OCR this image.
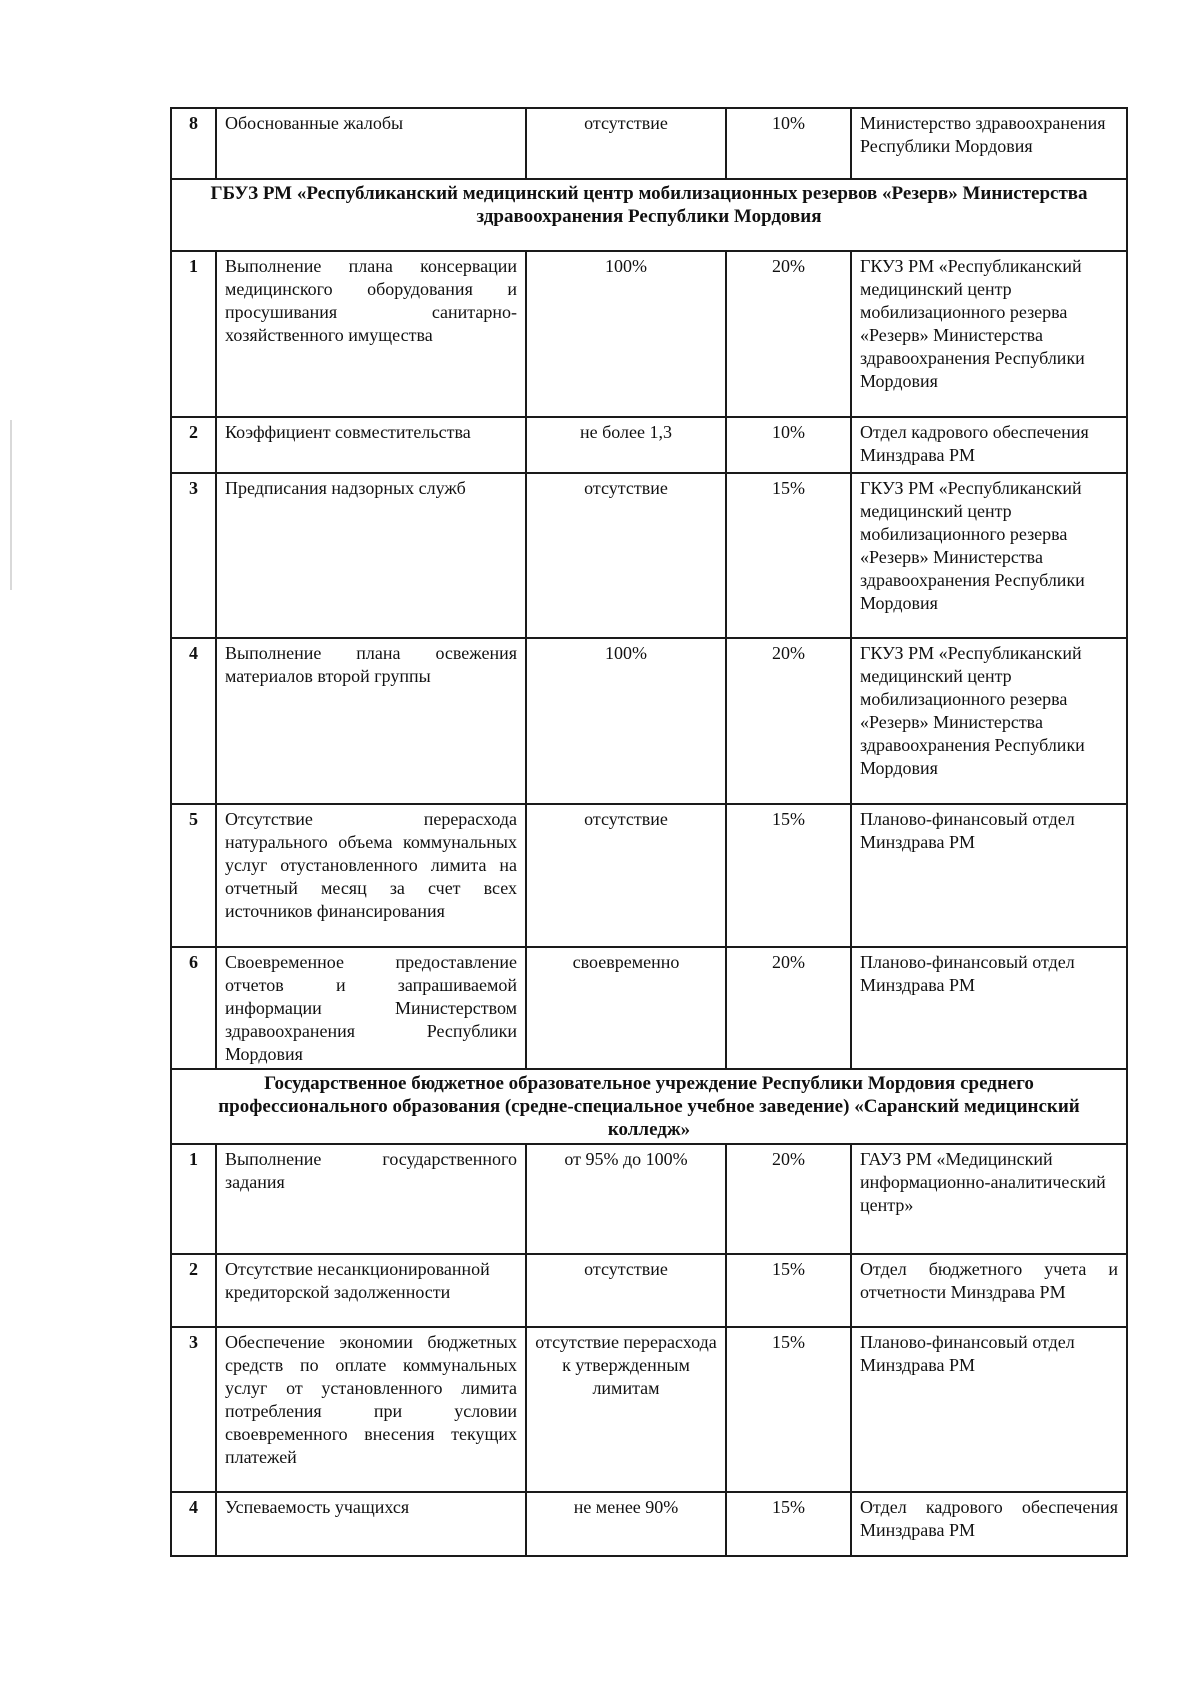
8	Обоснованные жалобы	отсутствие	10%	Министерство здравоохранения Республики Мордовия
ГБУЗ РМ «Республиканский медицинский центр мобилизационных резервов «Резерв» Министерства здравоохранения Республики Мордовия				
1	Выполнение плана консервации медицинского оборудования и просушивания санитарно-хозяйственного имущества	100%	20%	ГКУЗ РМ «Республиканский медицинский центр мобилизационного резерва «Резерв» Министерства здравоохранения Республики Мордовия
2	Коэффициент совместительства	не более 1,3	10%	Отдел кадрового обеспечения Минздрава РМ
3	Предписания надзорных служб	отсутствие	15%	ГКУЗ РМ «Республиканский медицинский центр мобилизационного резерва «Резерв» Министерства здравоохранения Республики Мордовия
4	Выполнение плана освежения материалов второй группы	100%	20%	ГКУЗ РМ «Республиканский медицинский центр мобилизационного резерва «Резерв» Министерства здравоохранения Республики Мордовия
5	Отсутствие перерасхода натурального объема коммунальных услуг отустановленного лимита на отчетный месяц за счет всех источников финансирования	отсутствие	15%	Планово-финансовый отдел Минздрава РМ
6	Своевременное предоставление отчетов и запрашиваемой информации Министерством здравоохранения Республики Мордовия	своевременно	20%	Планово-финансовый отдел Минздрава РМ
Государственное бюджетное образовательное учреждение Республики Мордовия среднего профессионального образования (средне-специальное учебное заведение) «Саранский медицинский колледж»				
1	Выполнение государственного задания	от 95% до 100%	20%	ГАУЗ РМ «Медицинский информационно-аналитический центр»
2	Отсутствие несанкционированной кредиторской задолженности	отсутствие	15%	Отдел бюджетного учета и отчетности Минздрава РМ
3	Обеспечение экономии бюджетных средств по оплате коммунальных услуг от установленного лимита потребления при условии своевременного внесения текущих платежей	отсутствие перерасхода к утвержденным лимитам	15%	Планово-финансовый отдел Минздрава РМ
4	Успеваемость учащихся	не менее 90%	15%	Отдел кадрового обеспечения Минздрава РМ
